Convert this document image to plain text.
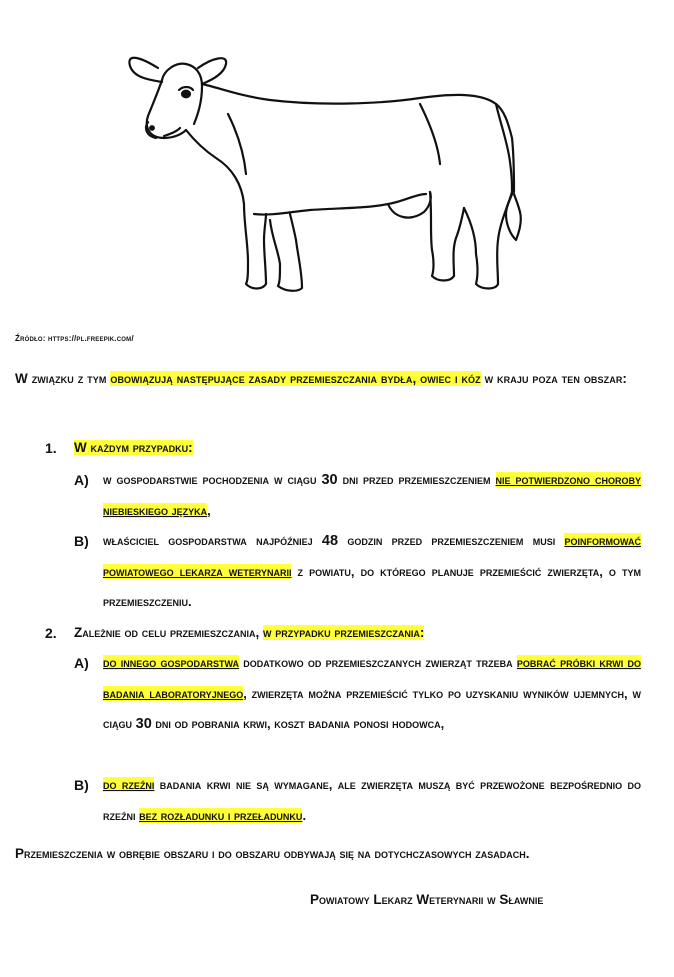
Źródło: https://pl.freepik.com/
W związku z tym obowiązują następujące zasady przemieszczania bydła, owiec i kóz w kraju poza ten obszar:
1. W każdym przypadku:
A) w gospodarstwie pochodzenia w ciągu 30 dni przed przemieszczeniem nie potwierdzono choroby niebieskiego języka,
B) właściciel gospodarstwa najpóźniej 48 godzin przed przemieszczeniem musi poinformować powiatowego lekarza weterynarii z powiatu, do którego planuje przemieścić zwierzęta, o tym przemieszczeniu.
2. Zależnie od celu przemieszczania, w przypadku przemieszczania:
A) do innego gospodarstwa dodatkowo od przemieszczanych zwierząt trzeba pobrać próbki krwi do badania laboratoryjnego, zwierzęta można przemieścić tylko po uzyskaniu wyników ujemnych, w ciągu 30 dni od pobrania krwi, koszt badania ponosi hodowca,
B) do rzeźni badania krwi nie są wymagane, ale zwierzęta muszą być przewożone bezpośrednio do rzeźni bez rozładunku i przeładunku.
Przemieszczenia w obrębie obszaru i do obszaru odbywają się na dotychczasowych zasadach.
Powiatowy Lekarz Weterynarii w Sławnie
